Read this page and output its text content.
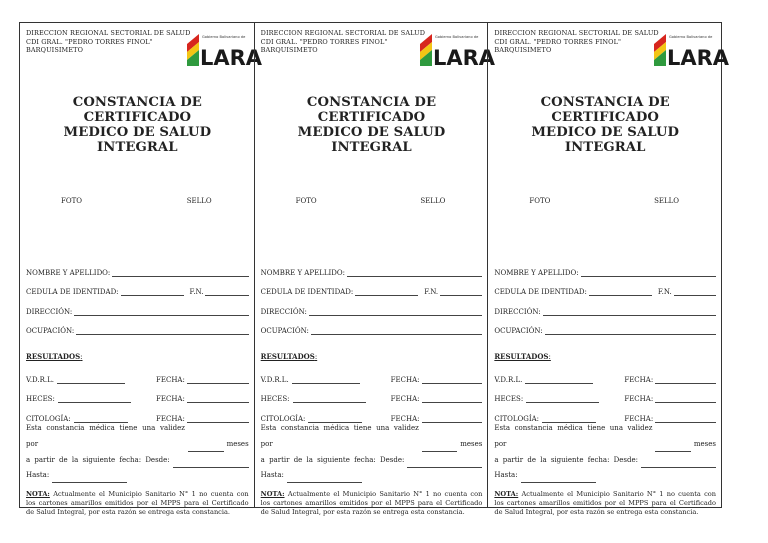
DIRECCION REGIONAL SECTORIAL DE SALUD
CDI GRAL. "PEDRO TORRES FINOL"
BARQUISIMETO
Gobierno Bolivariano de
LARA
CONSTANCIA DE CERTIFICADO
MEDICO DE SALUD INTEGRAL
FOTO	SELLO
NOMBRE Y APELLIDO:
CEDULA DE IDENTIDAD:	F.N.
DIRECCIÓN:
OCUPACIÓN:
RESULTADOS:
V.D.R.L.	FECHA:
HECES:	FECHA:
CITOLOGÍA:	FECHA:
Esta constancia médica tiene una validez por	meses
a partir de la siguiente fecha: Desde:
Hasta:
NOTA: Actualmente el Municipio Sanitario N° 1 no cuenta con los cartones amarillos emitidos por el MPPS para el Certificado de Salud Integral, por esta razón se entrega esta constancia.
DIRECCION REGIONAL SECTORIAL DE SALUD
CDI GRAL. "PEDRO TORRES FINOL"
BARQUISIMETO
Gobierno Bolivariano de
LARA
CONSTANCIA DE CERTIFICADO
MEDICO DE SALUD INTEGRAL
FOTO	SELLO
NOMBRE Y APELLIDO:
CEDULA DE IDENTIDAD:	F.N.
DIRECCIÓN:
OCUPACIÓN:
RESULTADOS:
V.D.R.L.	FECHA:
HECES:	FECHA:
CITOLOGÍA:	FECHA:
Esta constancia médica tiene una validez por	meses
a partir de la siguiente fecha: Desde:
Hasta:
NOTA: Actualmente el Municipio Sanitario N° 1 no cuenta con los cartones amarillos emitidos por el MPPS para el Certificado de Salud Integral, por esta razón se entrega esta constancia.
DIRECCION REGIONAL SECTORIAL DE SALUD
CDI GRAL. "PEDRO TORRES FINOL"
BARQUISIMETO
Gobierno Bolivariano de
LARA
CONSTANCIA DE CERTIFICADO
MEDICO DE SALUD INTEGRAL
FOTO	SELLO
NOMBRE Y APELLIDO:
CEDULA DE IDENTIDAD:	F.N.
DIRECCIÓN:
OCUPACIÓN:
RESULTADOS:
V.D.R.L.	FECHA:
HECES:	FECHA:
CITOLOGÍA:	FECHA:
Esta constancia médica tiene una validez por	meses
a partir de la siguiente fecha: Desde:
Hasta:
NOTA: Actualmente el Municipio Sanitario N° 1 no cuenta con los cartones amarillos emitidos por el MPPS para el Certificado de Salud Integral, por esta razón se entrega esta constancia.
